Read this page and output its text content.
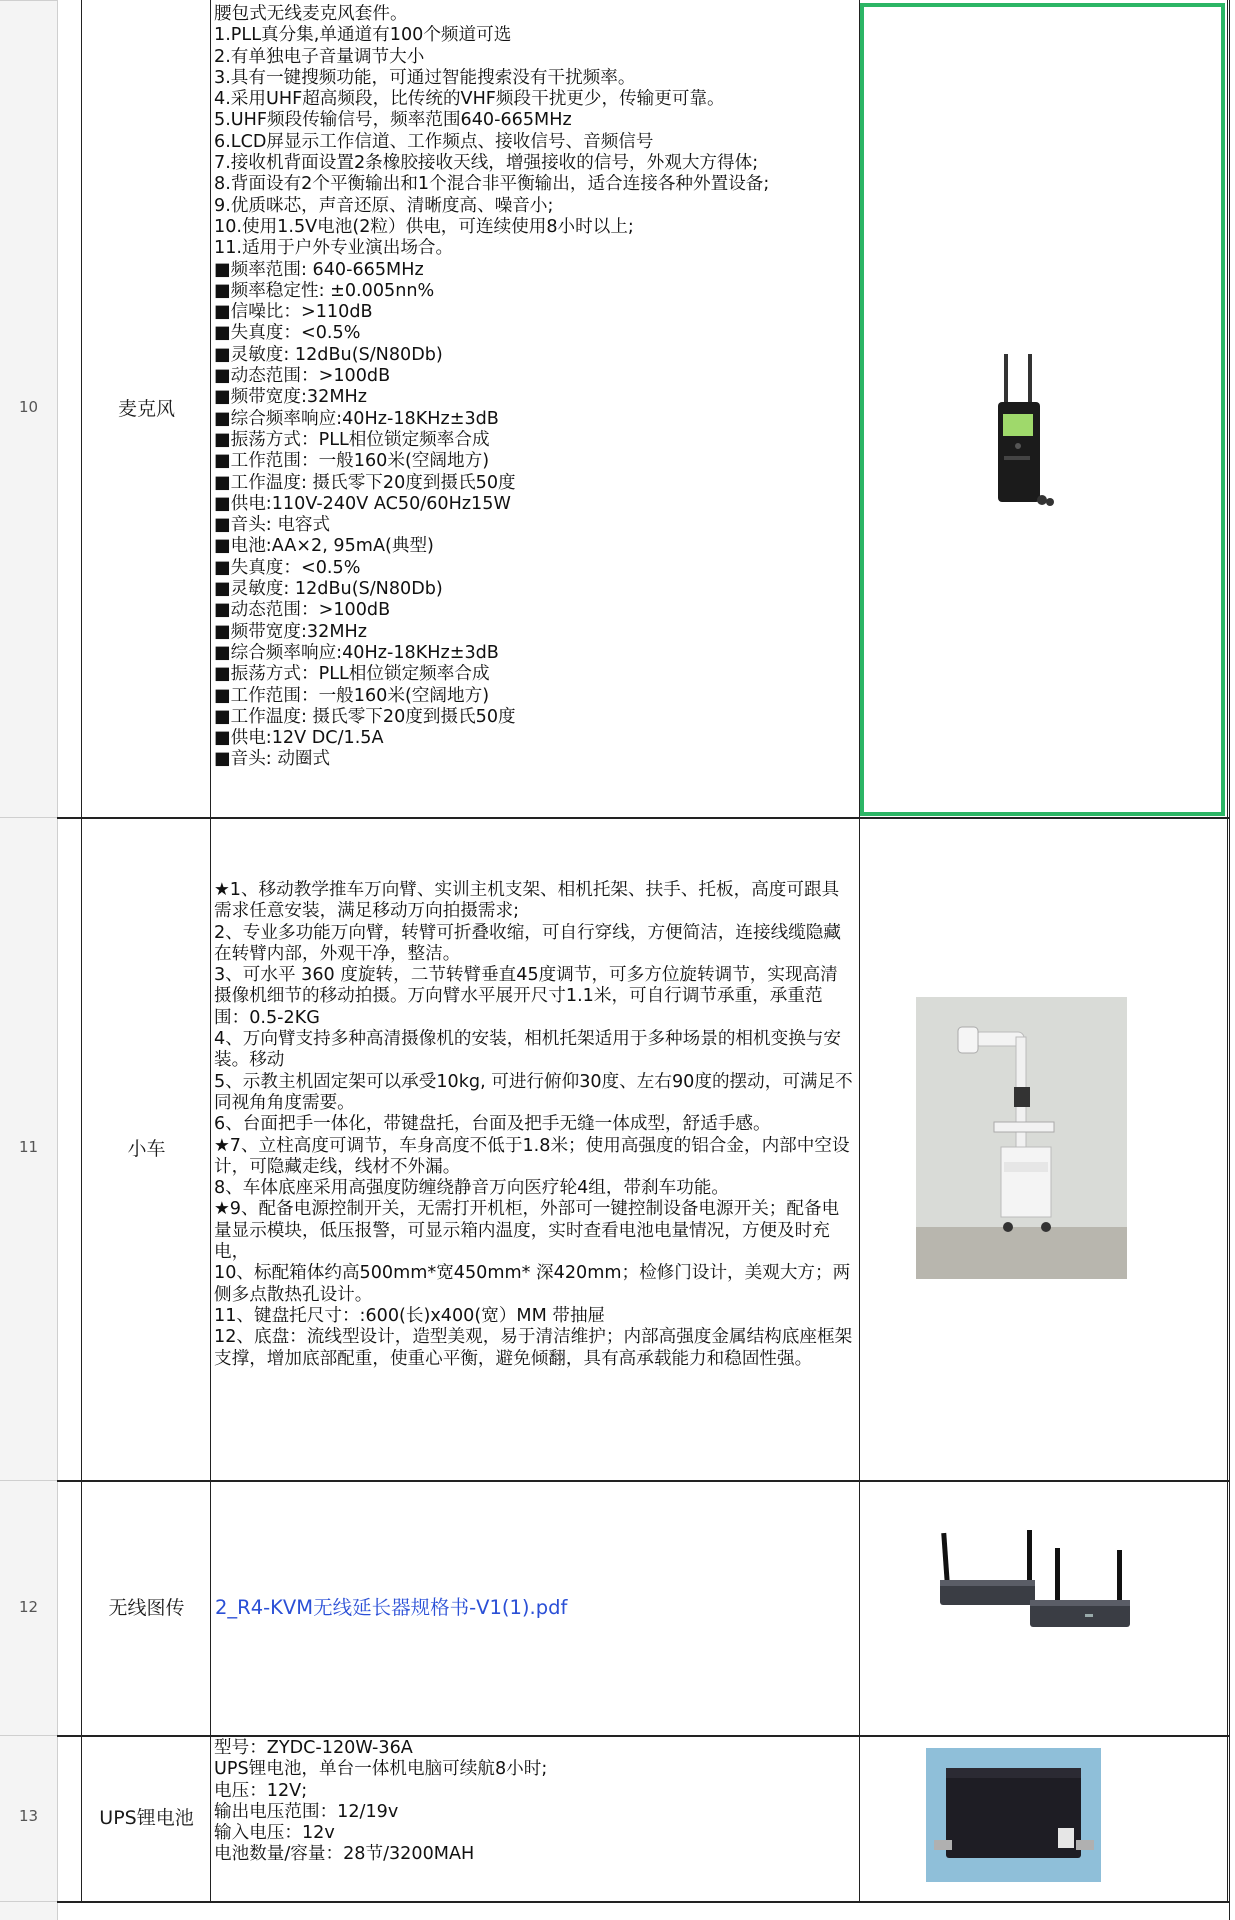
10	麦克风
腰包式无线麦克风套件。
1.PLL真分集,单通道有100个频道可选
2.有单独电子音量调节大小
3.具有一键搜频功能，可通过智能搜索没有干扰频率。
4.采用UHF超高频段，比传统的VHF频段干扰更少，传输更可靠。
5.UHF频段传输信号，频率范围640-665MHz
6.LCD屏显示工作信道、工作频点、接收信号、音频信号
7.接收机背面设置2条橡胶接收天线，增强接收的信号，外观大方得体;
8.背面设有2个平衡输出和1个混合非平衡输出，适合连接各种外置设备;
9.优质咪芯，声音还原、清晰度高、噪音小;
10.使用1.5V电池(2粒）供电，可连续使用8小时以上;
11.适用于户外专业演出场合。
■频率范围: 640-665MHz
■频率稳定性: ±0.005nn%
■信噪比：>110dB
■失真度：<0.5%
■灵敏度: 12dBu(S/N80Db)
■动态范围：>100dB
■频带宽度:32MHz
■综合频率响应:40Hz-18KHz±3dB
■振荡方式：PLL相位锁定频率合成
■工作范围：一般160米(空阔地方)
■工作温度: 摄氏零下20度到摄氏50度
■供电:110V-240V AC50/60Hz15W
■音头: 电容式
■电池:AA×2, 95mA(典型)
■失真度：<0.5%
■灵敏度: 12dBu(S/N80Db)
■动态范围：>100dB
■频带宽度:32MHz
■综合频率响应:40Hz-18KHz±3dB
■振荡方式：PLL相位锁定频率合成
■工作范围：一般160米(空阔地方)
■工作温度: 摄氏零下20度到摄氏50度
■供电:12V DC/1.5A
■音头: 动圈式
11	小车
★1、移动教学推车万向臂、实训主机支架、相机托架、扶手、托板，高度可跟具需求任意安装，满足移动万向拍摄需求;
2、专业多功能万向臂，转臂可折叠收缩，可自行穿线，方便简洁，连接线缆隐藏在转臂内部，外观干净，整洁。
3、可水平 360 度旋转，二节转臂垂直45度调节，可多方位旋转调节，实现高清摄像机细节的移动拍摄。万向臂水平展开尺寸1.1米，可自行调节承重，承重范围：0.5-2KG
4、万向臂支持多种高清摄像机的安装，相机托架适用于多种场景的相机变换与安装。移动
5、示教主机固定架可以承受10kg, 可进行俯仰30度、左右90度的摆动，可满足不同视角角度需要。
6、台面把手一体化，带键盘托，台面及把手无缝一体成型，舒适手感。
★7、立柱高度可调节，车身高度不低于1.8米；使用高强度的铝合金，内部中空设计，可隐藏走线，线材不外漏。
8、车体底座采用高强度防缠绕静音万向医疗轮4组，带刹车功能。
★9、配备电源控制开关，无需打开机柜，外部可一键控制设备电源开关；配备电量显示模块，低压报警，可显示箱内温度，实时查看电池电量情况，方便及时充电，
10、标配箱体约高500mm*宽450mm* 深420mm；检修门设计，美观大方；两侧多点散热孔设计。
11、键盘托尺寸：:600(长)x400(宽）MM 带抽屉
12、底盘：流线型设计，造型美观，易于清洁维护；内部高强度金属结构底座框架支撑，增加底部配重，使重心平衡，避免倾翻，具有高承载能力和稳固性强。
12	无线图传	2_R4-KVM无线延长器规格书-V1(1).pdf
13	UPS锂电池
型号：ZYDC-120W-36A
UPS锂电池，单台一体机电脑可续航8小时;
电压：12V;
输出电压范围：12/19v
输入电压：12v
电池数量/容量：28节/3200MAH
